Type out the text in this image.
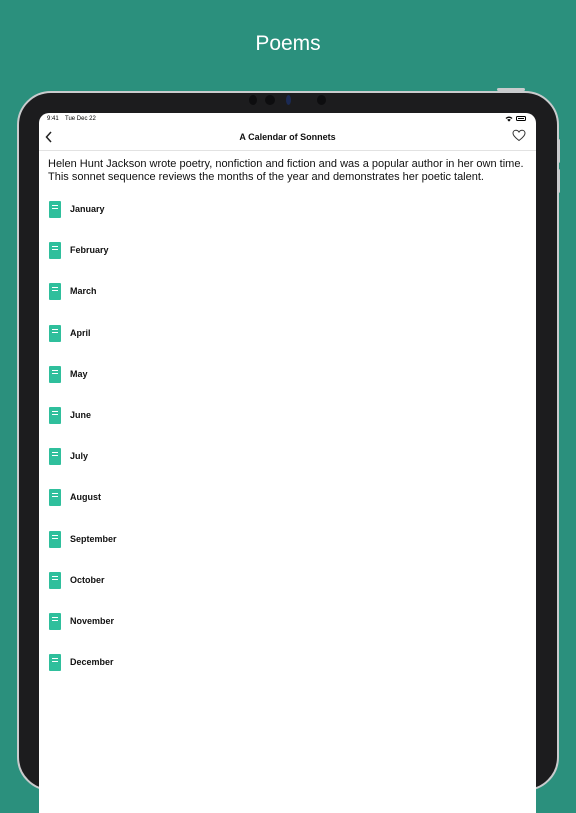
Poems
9:41 Tue Dec 22
A Calendar of Sonnets
Helen Hunt Jackson wrote poetry, nonfiction and fiction and was a popular author in her own time. This sonnet sequence reviews the months of the year and demonstrates her poetic talent.
January
February
March
April
May
June
July
August
September
October
November
December
